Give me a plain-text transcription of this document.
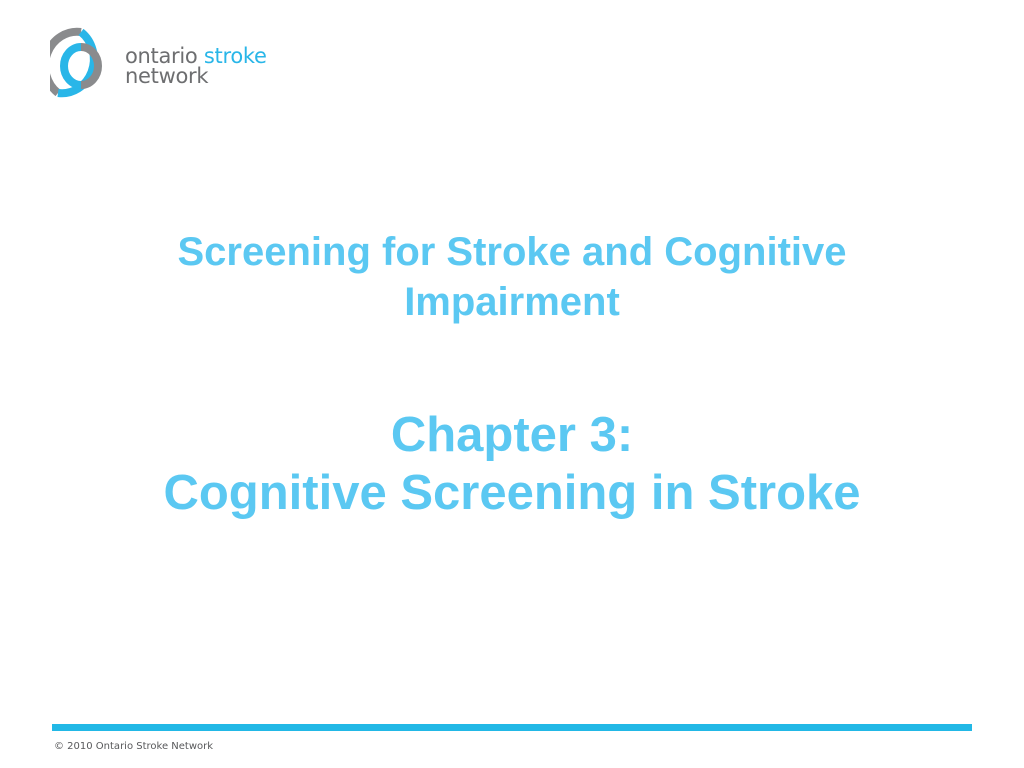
ontario stroke
network
Screening for Stroke and Cognitive
Impairment
Chapter 3:
Cognitive Screening in Stroke
© 2010 Ontario Stroke Network
